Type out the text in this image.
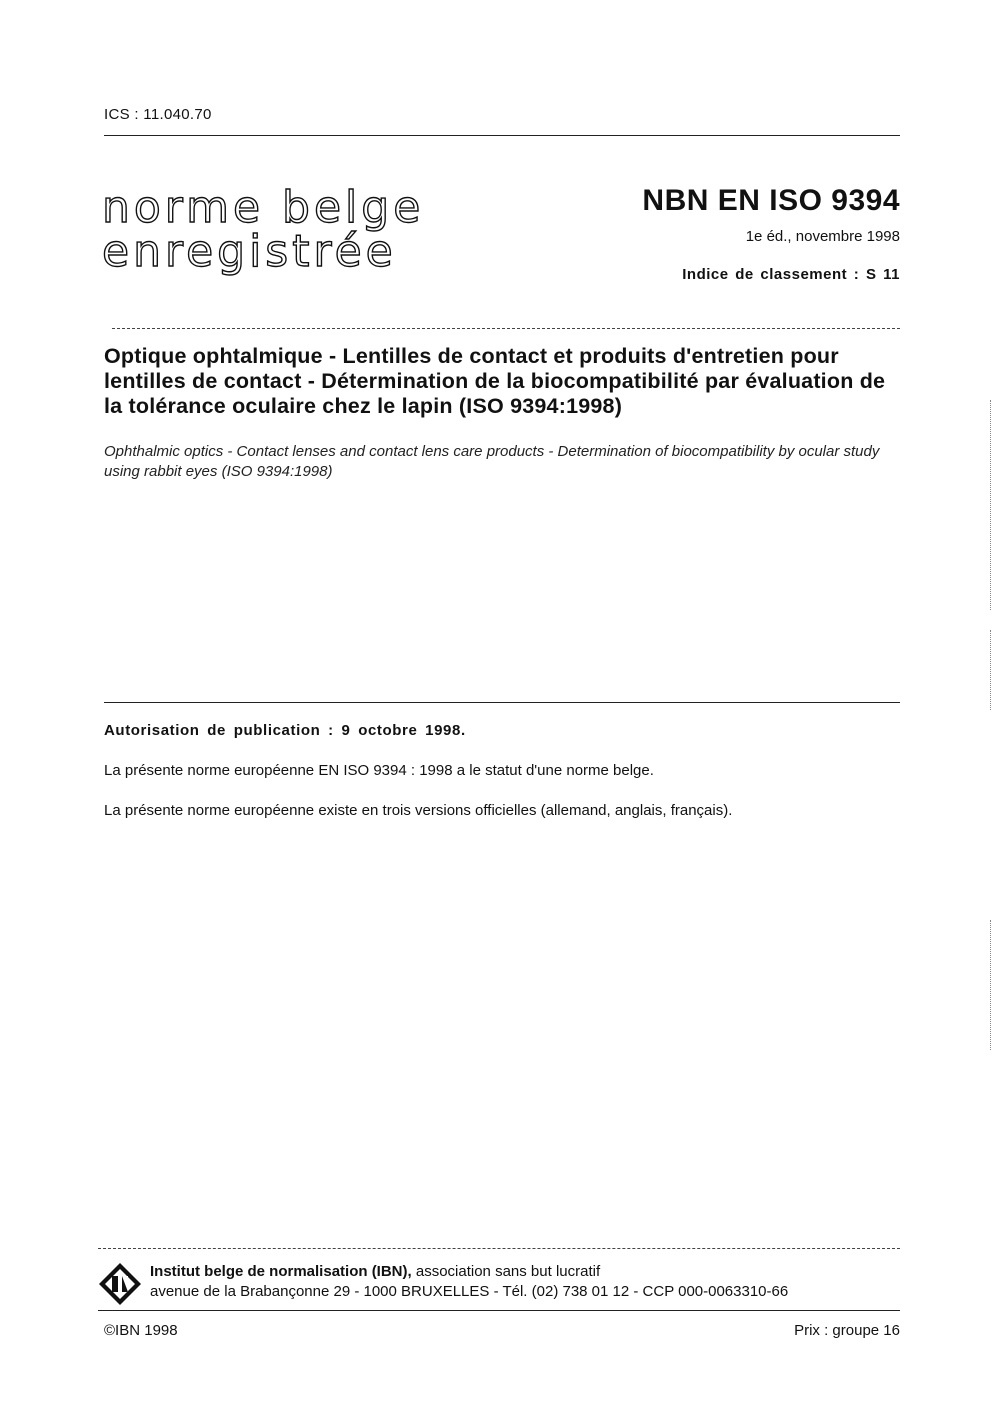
ICS : 11.040.70
norme belge
enregistrée
NBN EN ISO 9394
1e éd., novembre 1998
Indice de classement : S 11
Optique ophtalmique - Lentilles de contact et produits d'entretien pour lentilles de contact - Détermination de la biocompatibilité par évaluation de la tolérance oculaire chez le lapin (ISO 9394:1998)
Ophthalmic optics - Contact lenses and contact lens care products - Determination of biocompatibility by ocular study using rabbit eyes (ISO 9394:1998)
Autorisation de publication : 9 octobre 1998.
La présente norme européenne EN ISO 9394 : 1998 a le statut d'une norme belge.
La présente norme européenne existe en trois versions officielles (allemand, anglais, français).
Institut belge de normalisation (IBN), association sans but lucratif
avenue de la Brabançonne 29 - 1000 BRUXELLES - Tél. (02) 738 01 12 - CCP 000-0063310-66
©IBN 1998	Prix : groupe 16
